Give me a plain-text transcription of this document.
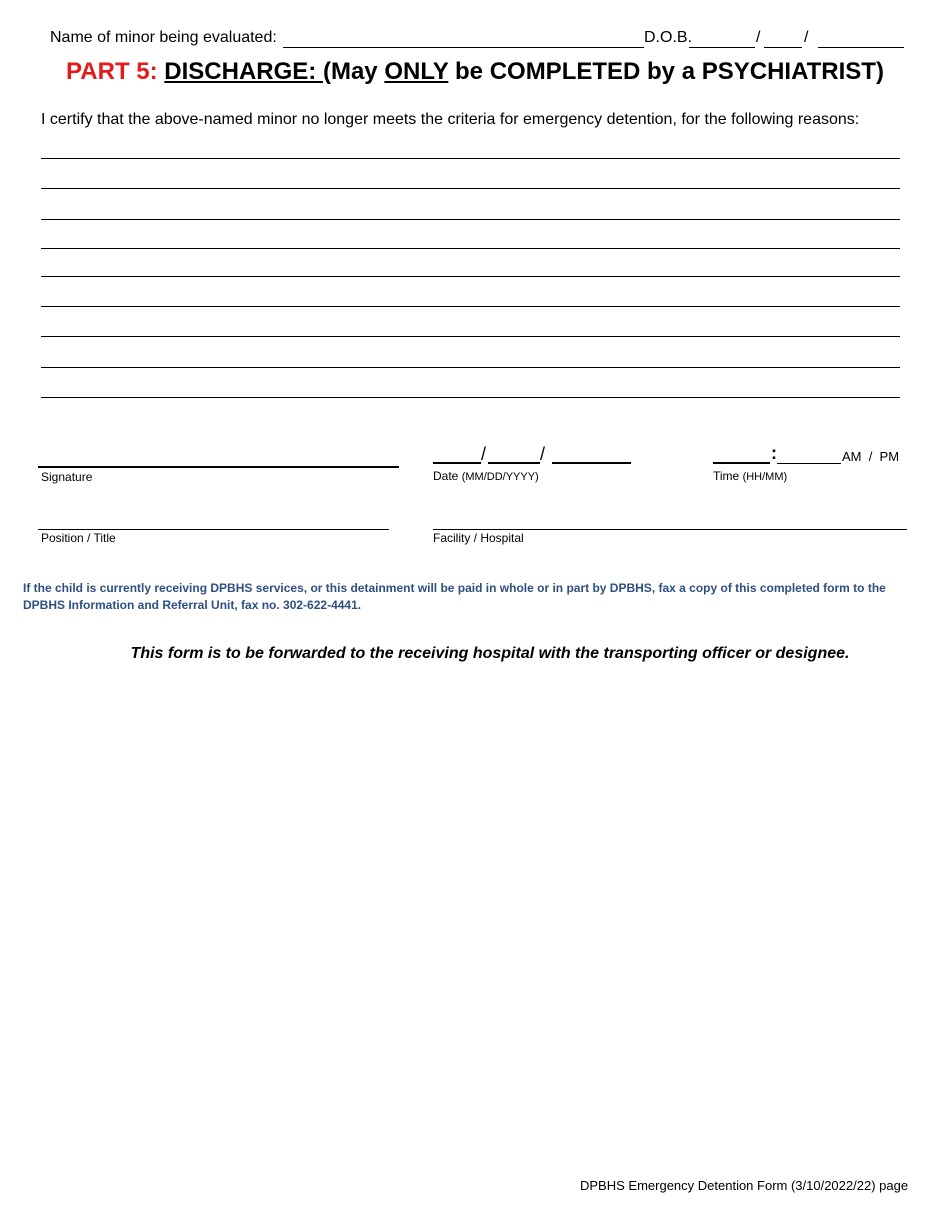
Name of minor being evaluated:	D.O.B.	/	/
PART 5: DISCHARGE: (May ONLY be COMPLETED by a PSYCHIATRIST)
I certify that the above-named minor no longer meets the criteria for emergency detention, for the following reasons:
Signature
/	/
Date (MM/DD/YYYY)
:	AM  /  PM
Time (HH/MM)
Position / Title	Facility / Hospital
If the child is currently receiving DPBHS services, or this detainment will be paid in whole or in part by DPBHS, fax a copy of this completed form to the DPBHS Information and Referral Unit, fax no. 302-622-4441.
This form is to be forwarded to the receiving hospital with the transporting officer or designee.
DPBHS Emergency Detention Form (3/10/2022/22) page
